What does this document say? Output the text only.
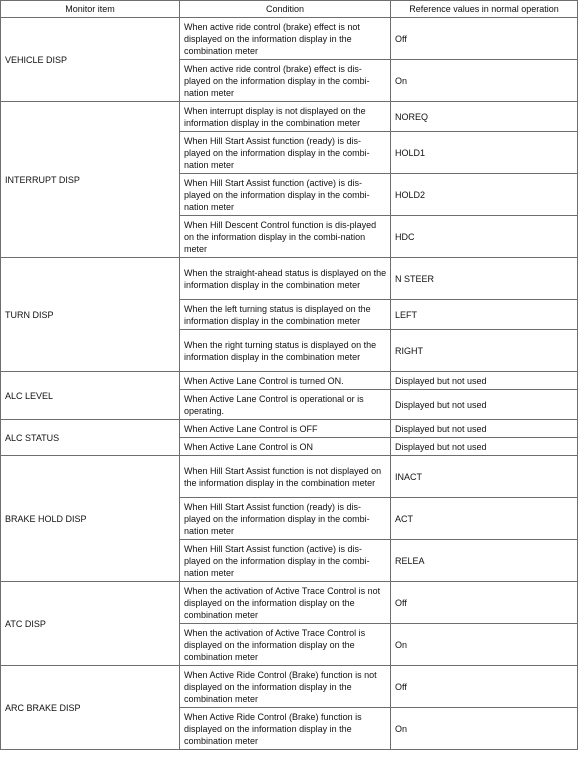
Monitor item	Condition	Reference values in normal operation
VEHICLE DISP	When active ride control (brake) effect is not displayed on the information display in the combination meter	Off
	When active ride control (brake) effect is dis-played on the information display in the combi-nation meter	On
INTERRUPT DISP	When interrupt display is not displayed on the information display in the combination meter	NOREQ
	When Hill Start Assist function (ready) is dis-played on the information display in the combi-nation meter	HOLD1
	When Hill Start Assist function (active) is dis-played on the information display in the combi-nation meter	HOLD2
	When Hill Descent Control function is dis-played on the information display in the combi-nation meter	HDC
TURN DISP	When the straight-ahead status is displayed on the information display in the combination meter	N STEER
	When the left turning status is displayed on the information display in the combination meter	LEFT
	When the right turning status is displayed on the information display in the combination meter	RIGHT
ALC LEVEL	When Active Lane Control is turned ON.	Displayed but not used
	When Active Lane Control is operational or is operating.	Displayed but not used
ALC STATUS	When Active Lane Control is OFF	Displayed but not used
	When Active Lane Control is ON	Displayed but not used
BRAKE HOLD DISP	When Hill Start Assist function is not displayed on the information display in the combination meter	INACT
	When Hill Start Assist function (ready) is dis-played on the information display in the combi-nation meter	ACT
	When Hill Start Assist function (active) is dis-played on the information display in the combi-nation meter	RELEA
ATC DISP	When the activation of Active Trace Control is not displayed on the information display on the combination meter	Off
	When the activation of Active Trace Control is displayed on the information display on the combination meter	On
ARC BRAKE DISP	When Active Ride Control (Brake) function is not displayed on the information display in the combination meter	Off
	When Active Ride Control (Brake) function is displayed on the information display in the combination meter	On
